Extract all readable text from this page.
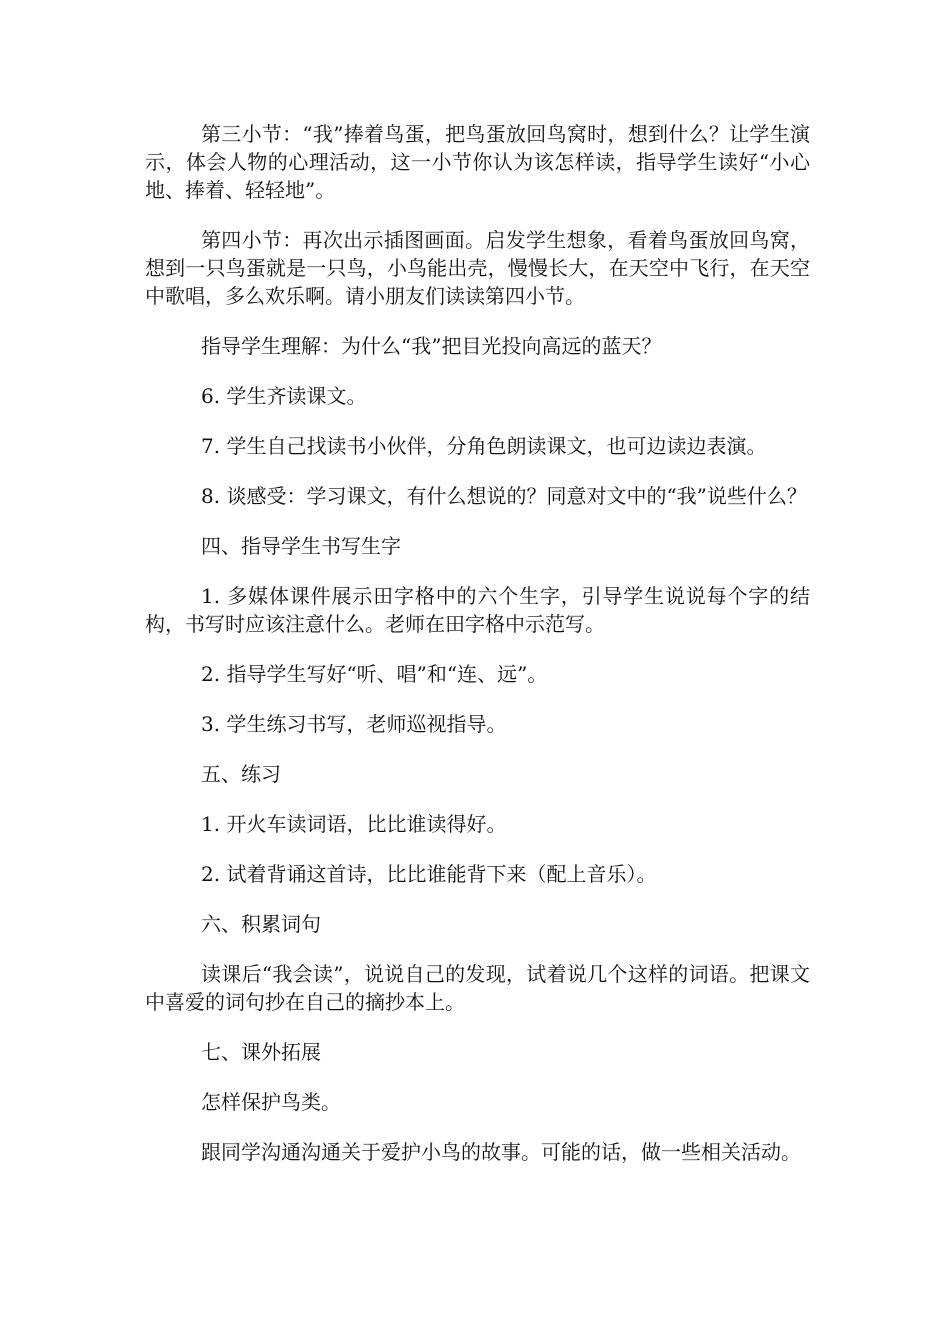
第三小节：“我”捧着鸟蛋，把鸟蛋放回鸟窝时，想到什么？让学生演示，体会人物的心理活动，这一小节你认为该怎样读，指导学生读好“小心地、捧着、轻轻地”。

第四小节：再次出示插图画面。启发学生想象，看着鸟蛋放回鸟窝，想到一只鸟蛋就是一只鸟，小鸟能出壳，慢慢长大，在天空中飞行，在天空中歌唱，多么欢乐啊。请小朋友们读读第四小节。

指导学生理解：为什么“我”把目光投向高远的蓝天？

6. 学生齐读课文。

7. 学生自己找读书小伙伴，分角色朗读课文，也可边读边表演。

8. 谈感受：学习课文，有什么想说的？同意对文中的“我”说些什么？

四、指导学生书写生字

1. 多媒体课件展示田字格中的六个生字，引导学生说说每个字的结构，书写时应该注意什么。老师在田字格中示范写。

2. 指导学生写好“听、唱”和“连、远”。

3. 学生练习书写，老师巡视指导。

五、练习

1. 开火车读词语，比比谁读得好。

2. 试着背诵这首诗，比比谁能背下来（配上音乐）。

六、积累词句

读课后“我会读”，说说自己的发现，试着说几个这样的词语。把课文中喜爱的词句抄在自己的摘抄本上。

七、课外拓展

怎样保护鸟类。

跟同学沟通沟通关于爱护小鸟的故事。可能的话，做一些相关活动。
